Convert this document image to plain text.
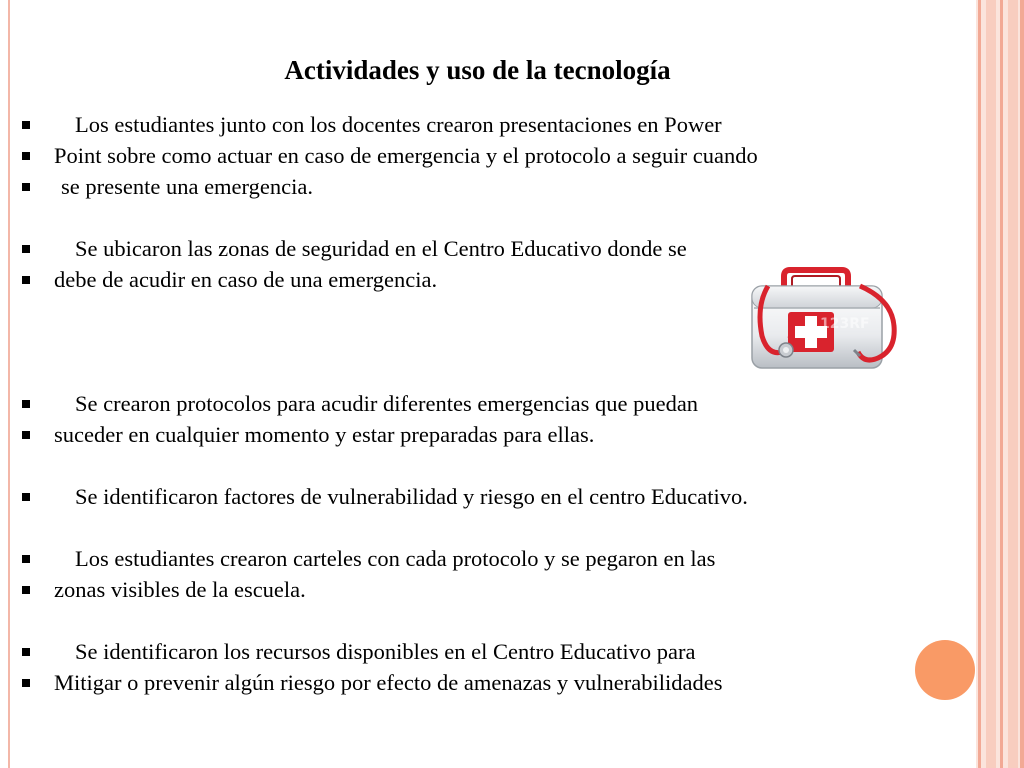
Actividades y uso de la tecnología
Los estudiantes junto con los docentes crearon presentaciones en Power
Point sobre como actuar en caso de emergencia y el protocolo a seguir cuando
se presente una emergencia.
Se ubicaron las zonas de seguridad en el Centro Educativo donde se
debe de acudir en caso de una emergencia.
Se crearon protocolos para acudir diferentes emergencias que puedan
suceder en cualquier momento y estar preparadas para ellas.
Se identificaron factores de vulnerabilidad y riesgo en el centro Educativo.
Los estudiantes crearon carteles con cada protocolo y se pegaron en las
zonas visibles de la escuela.
Se identificaron los recursos disponibles en el Centro Educativo para
Mitigar o prevenir algún riesgo por efecto de amenazas y vulnerabilidades
123RF
